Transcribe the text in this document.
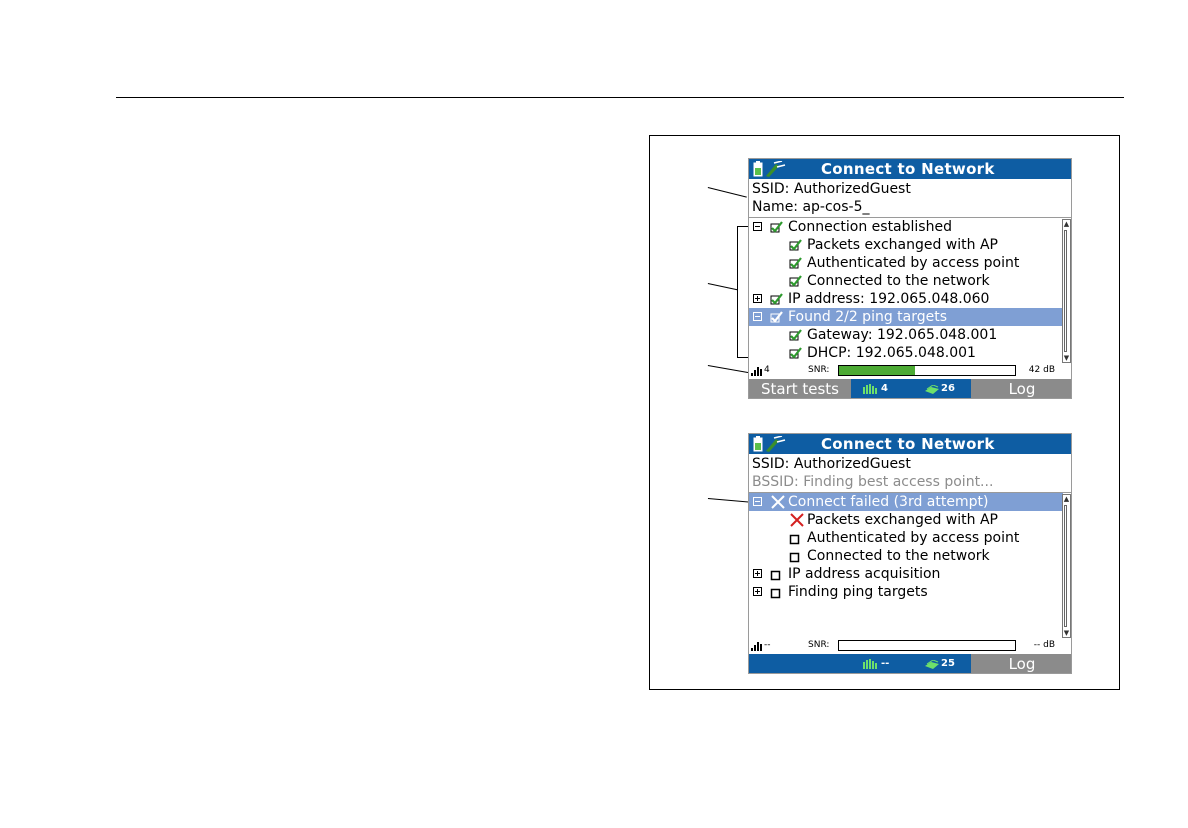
Connect to Network
SSID: AuthorizedGuest
Name: ap-cos-5_
Connection established
Packets exchanged with AP
Authenticated by access point
Connected to the network
IP address: 192.065.048.060
Found 2/2 ping targets
Gateway: 192.065.048.001
DHCP: 192.065.048.001
▲
▼
4	SNR:	42 dB
Start tests	4	26	Log
Connect to Network
SSID: AuthorizedGuest
BSSID: Finding best access point...
Connect failed (3rd attempt)
Packets exchanged with AP
Authenticated by access point
Connected to the network
IP address acquisition
Finding ping targets
▲
▼
--	SNR:	-- dB
--	25	Log
